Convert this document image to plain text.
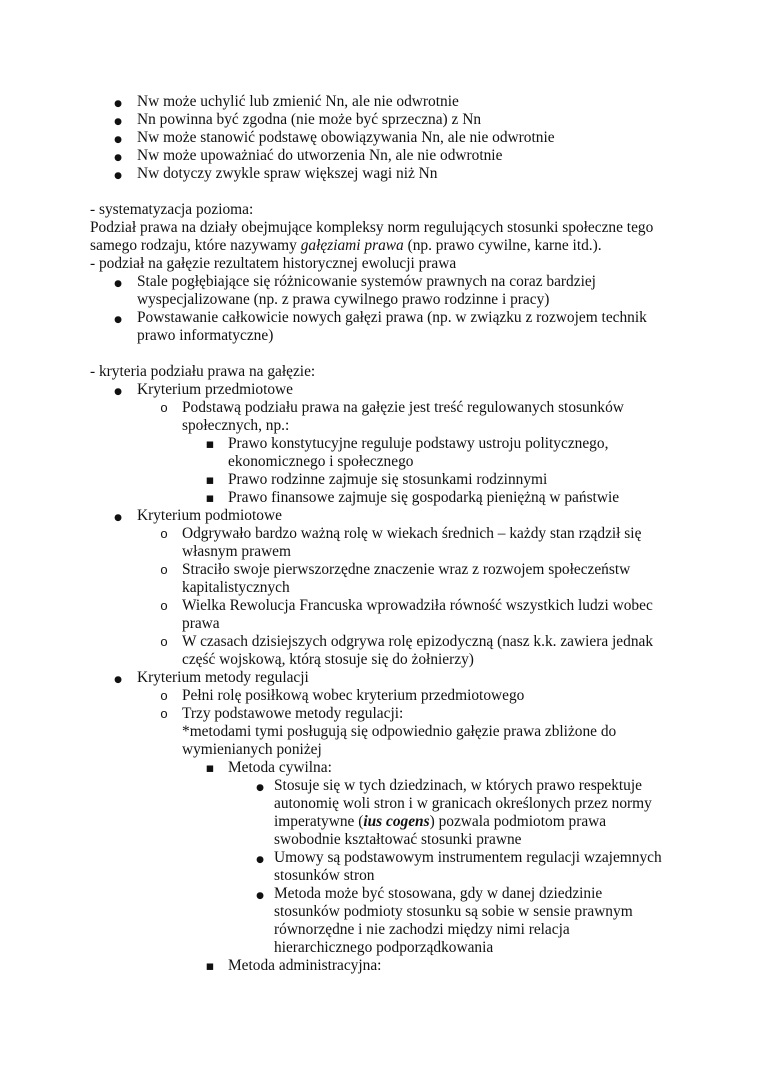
●
Nw może uchylić lub zmienić Nn, ale nie odwrotnie
●
Nn powinna być zgodna (nie może być sprzeczna) z Nn
●
Nw może stanowić podstawę obowiązywania Nn, ale nie odwrotnie
●
Nw może upoważniać do utworzenia Nn, ale nie odwrotnie
●
Nw dotyczy zwykle spraw większej wagi niż Nn
- systematyzacja pozioma:
Podział prawa na działy obejmujące kompleksy norm regulujących stosunki społeczne tego
samego rodzaju, które nazywamy gałęziami prawa (np. prawo cywilne, karne itd.).
- podział na gałęzie rezultatem historycznej ewolucji prawa
●
Stale pogłębiające się różnicowanie systemów prawnych na coraz bardziej
wyspecjalizowane (np. z prawa cywilnego prawo rodzinne i pracy)
●
Powstawanie całkowicie nowych gałęzi prawa (np. w związku z rozwojem technik
prawo informatyczne)
- kryteria podziału prawa na gałęzie:
●
Kryterium przedmiotowe
o
Podstawą podziału prawa na gałęzie jest treść regulowanych stosunków
społecznych, np.:
▪
Prawo konstytucyjne reguluje podstawy ustroju politycznego,
ekonomicznego i społecznego
▪
Prawo rodzinne zajmuje się stosunkami rodzinnymi
▪
Prawo finansowe zajmuje się gospodarką pieniężną w państwie
●
Kryterium podmiotowe
o
Odgrywało bardzo ważną rolę w wiekach średnich – każdy stan rządził się
własnym prawem
o
Straciło swoje pierwszorzędne znaczenie wraz z rozwojem społeczeństw
kapitalistycznych
o
Wielka Rewolucja Francuska wprowadziła równość wszystkich ludzi wobec
prawa
o
W czasach dzisiejszych odgrywa rolę epizodyczną (nasz k.k. zawiera jednak
część wojskową, którą stosuje się do żołnierzy)
●
Kryterium metody regulacji
o
Pełni rolę posiłkową wobec kryterium przedmiotowego
o
Trzy podstawowe metody regulacji:
*metodami tymi posługują się odpowiednio gałęzie prawa zbliżone do
wymienianych poniżej
▪
Metoda cywilna:
●
Stosuje się w tych dziedzinach, w których prawo respektuje
autonomię woli stron i w granicach określonych przez normy
imperatywne (ius cogens) pozwala podmiotom prawa
swobodnie kształtować stosunki prawne
●
Umowy są podstawowym instrumentem regulacji wzajemnych
stosunków stron
●
Metoda może być stosowana, gdy w danej dziedzinie
stosunków podmioty stosunku są sobie w sensie prawnym
równorzędne i nie zachodzi między nimi relacja
hierarchicznego podporządkowania
▪
Metoda administracyjna:
